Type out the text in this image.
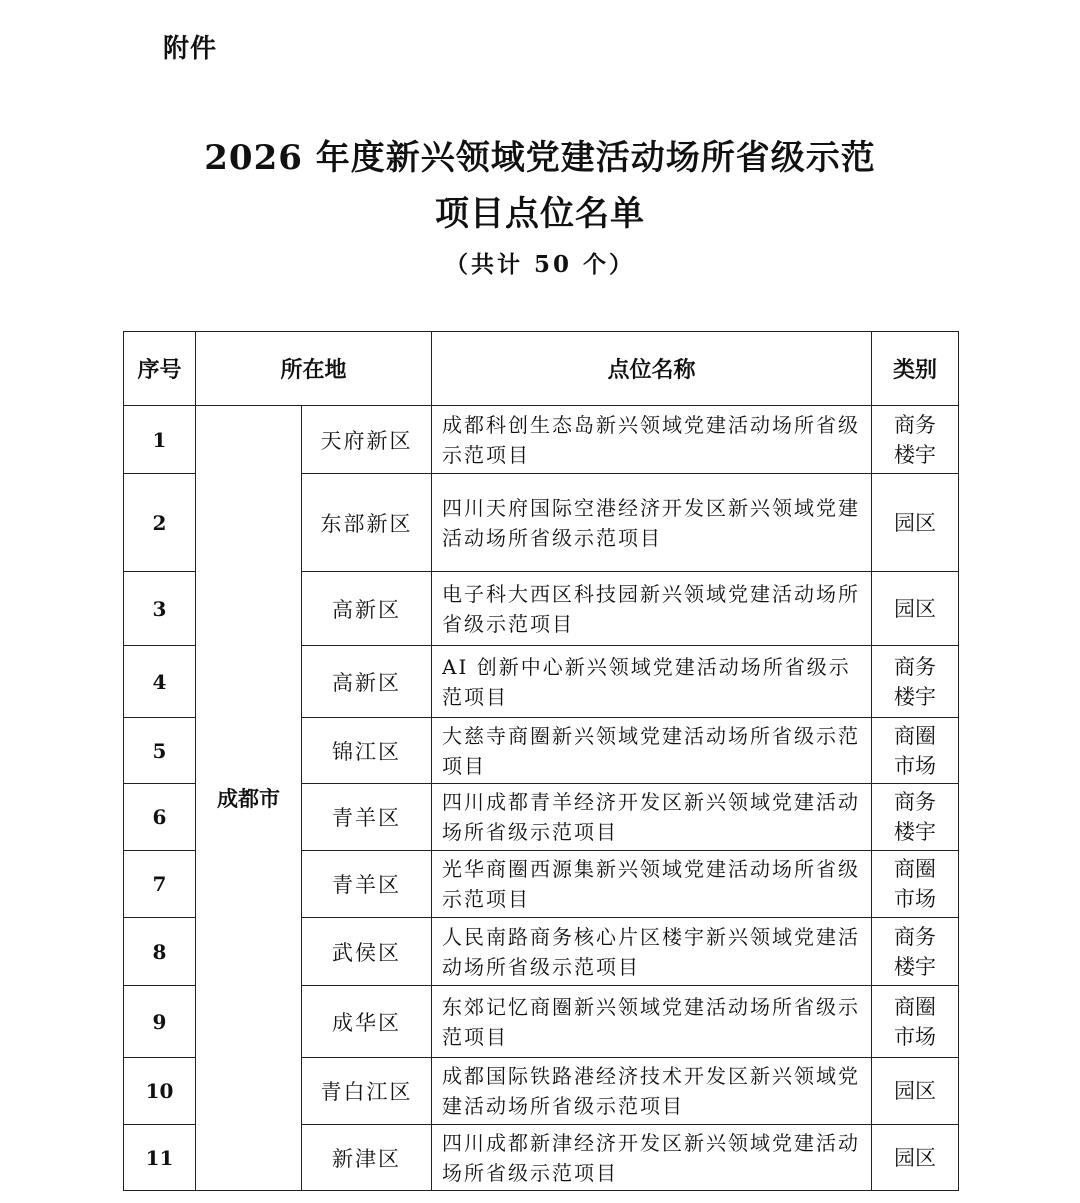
附件
2026 年度新兴领域党建活动场所省级示范
项目点位名单
（共计 50 个）
序号	所在地		点位名称	类别
1	成都市	天府新区	成都科创生态岛新兴领域党建活动场所省级示范项目	商务楼宇
2		东部新区	四川天府国际空港经济开发区新兴领域党建活动场所省级示范项目	园区
3		高新区	电子科大西区科技园新兴领域党建活动场所省级示范项目	园区
4		高新区	AI 创新中心新兴领域党建活动场所省级示范项目	商务楼宇
5		锦江区	大慈寺商圈新兴领域党建活动场所省级示范项目	商圈市场
6		青羊区	四川成都青羊经济开发区新兴领域党建活动场所省级示范项目	商务楼宇
7		青羊区	光华商圈西源集新兴领域党建活动场所省级示范项目	商圈市场
8		武侯区	人民南路商务核心片区楼宇新兴领域党建活动场所省级示范项目	商务楼宇
9		成华区	东郊记忆商圈新兴领域党建活动场所省级示范项目	商圈市场
10		青白江区	成都国际铁路港经济技术开发区新兴领域党建活动场所省级示范项目	园区
11		新津区	四川成都新津经济开发区新兴领域党建活动场所省级示范项目	园区
